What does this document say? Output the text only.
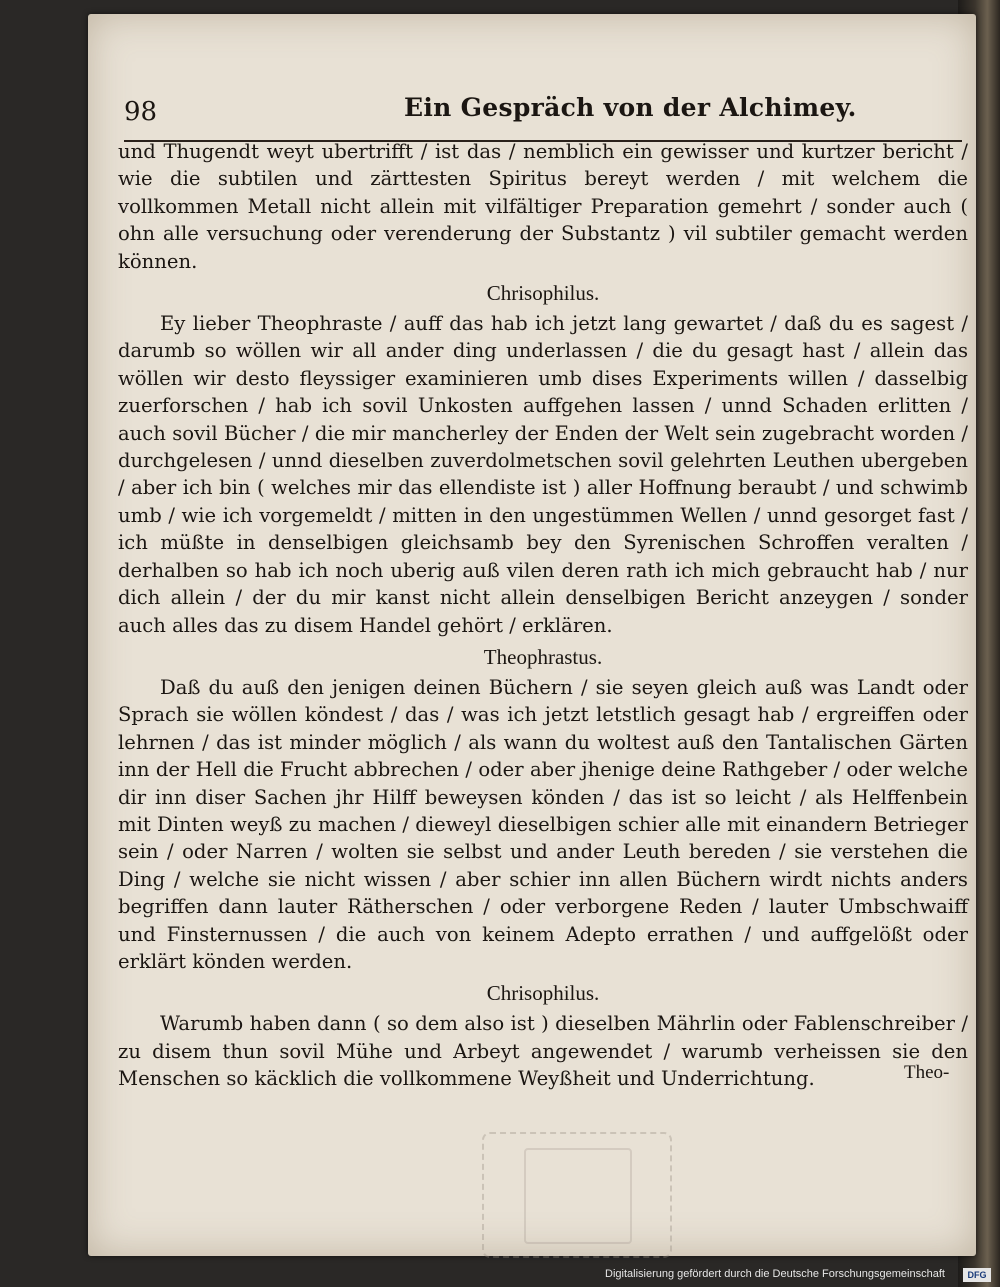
98	Ein Gespräch von der Alchimey.

und Thugendt weyt ubertrifft / ist das / nemblich ein gewisser und kurtzer bericht / wie die subtilen und zärttesten Spiritus bereyt werden / mit welchem die vollkommen Metall nicht allein mit vilfältiger Preparation gemehrt / sonder auch ( ohn alle versuchung oder verenderung der Substantz ) vil subtiler gemacht werden können.

Chrisophilus.

Ey lieber Theophraste / auff das hab ich jetzt lang gewartet / daß du es sagest / darumb so wöllen wir all ander ding underlassen / die du gesagt hast / allein das wöllen wir desto fleyssiger examinieren umb dises Experiments willen / dasselbig zuerforschen / hab ich sovil Unkosten auffgehen lassen / unnd Schaden erlitten / auch sovil Bücher / die mir mancherley der Enden der Welt sein zugebracht worden / durchgelesen / unnd dieselben zuverdolmetschen sovil gelehrten Leuthen ubergeben / aber ich bin ( welches mir das ellendiste ist ) aller Hoffnung beraubt / und schwimb umb / wie ich vorgemeldt / mitten in den ungestümmen Wellen / unnd gesorget fast / ich müßte in denselbigen gleichsamb bey den Syrenischen Schroffen veralten / derhalben so hab ich noch uberig auß vilen deren rath ich mich gebraucht hab / nur dich allein / der du mir kanst nicht allein denselbigen Bericht anzeygen / sonder auch alles das zu disem Handel gehört / erklären.

Theophrastus.

Daß du auß den jenigen deinen Büchern / sie seyen gleich auß was Landt oder Sprach sie wöllen köndest / das / was ich jetzt letstlich gesagt hab / ergreiffen oder lehrnen / das ist minder möglich / als wann du woltest auß den Tantalischen Gärten inn der Hell die Frucht abbrechen / oder aber jhenige deine Rathgeber / oder welche dir inn diser Sachen jhr Hilff beweysen könden / das ist so leicht / als Helffenbein mit Dinten weyß zu machen / dieweyl dieselbigen schier alle mit einandern Betrieger sein / oder Narren / wolten sie selbst und ander Leuth bereden / sie verstehen die Ding / welche sie nicht wissen / aber schier inn allen Büchern wirdt nichts anders begriffen dann lauter Rätherschen / oder verborgene Reden / lauter Umbschwaiff und Finsternussen / die auch von keinem Adepto errathen / und auffgelößt oder erklärt könden werden.

Chrisophilus.

Warumb haben dann ( so dem also ist ) dieselben Mährlin oder Fablenschreiber / zu disem thun sovil Mühe und Arbeyt angewendet / warumb verheissen sie den Menschen so käcklich die vollkommene Weyßheit und Underrichtung.	Theo-
Digitalisierung gefördert durch die Deutsche Forschungsgemeinschaft	DFG
